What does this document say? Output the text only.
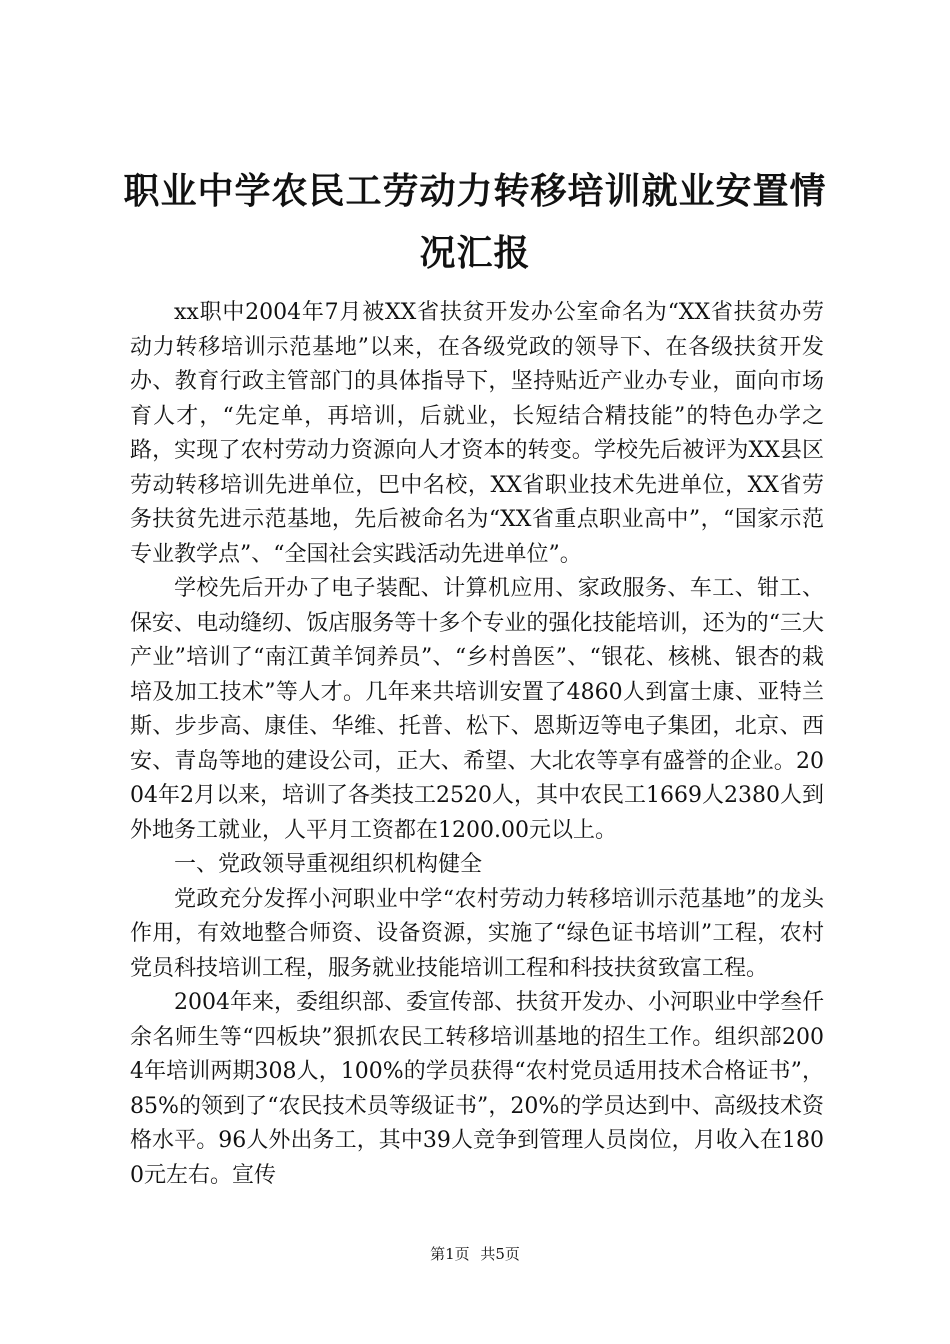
职业中学农民工劳动力转移培训就业安置情况汇报

xx职中2004年7月被XX省扶贫开发办公室命名为“XX省扶贫办劳动力转移培训示范基地”以来，在各级党政的领导下、在各级扶贫开发办、教育行政主管部门的具体指导下，坚持贴近产业办专业，面向市场育人才，“先定单，再培训，后就业，长短结合精技能”的特色办学之路，实现了农村劳动力资源向人才资本的转变。学校先后被评为XX县区劳动转移培训先进单位，巴中名校，XX省职业技术先进单位，XX省劳务扶贫先进示范基地，先后被命名为“XX省重点职业高中”，“国家示范专业教学点”、“全国社会实践活动先进单位”。

学校先后开办了电子装配、计算机应用、家政服务、车工、钳工、保安、电动缝纫、饭店服务等十多个专业的强化技能培训，还为的“三大产业”培训了“南江黄羊饲养员”、“乡村兽医”、“银花、核桃、银杏的栽培及加工技术”等人才。几年来共培训安置了4860人到富士康、亚特兰斯、步步高、康佳、华维、托普、松下、恩斯迈等电子集团，北京、西安、青岛等地的建设公司，正大、希望、大北农等享有盛誉的企业。2004年2月以来，培训了各类技工2520人，其中农民工1669人2380人到外地务工就业，人平月工资都在1200.00元以上。

一、党政领导重视组织机构健全

党政充分发挥小河职业中学“农村劳动力转移培训示范基地”的龙头作用，有效地整合师资、设备资源，实施了“绿色证书培训”工程，农村党员科技培训工程，服务就业技能培训工程和科技扶贫致富工程。

2004年来，委组织部、委宣传部、扶贫开发办、小河职业中学叁仟余名师生等“四板块”狠抓农民工转移培训基地的招生工作。组织部2004年培训两期308人，100%的学员获得“农村党员适用技术合格证书”，85%的领到了“农民技术员等级证书”，20%的学员达到中、高级技术资格水平。96人外出务工，其中39人竞争到管理人员岗位，月收入在1800元左右。宣传

第1页 共5页
